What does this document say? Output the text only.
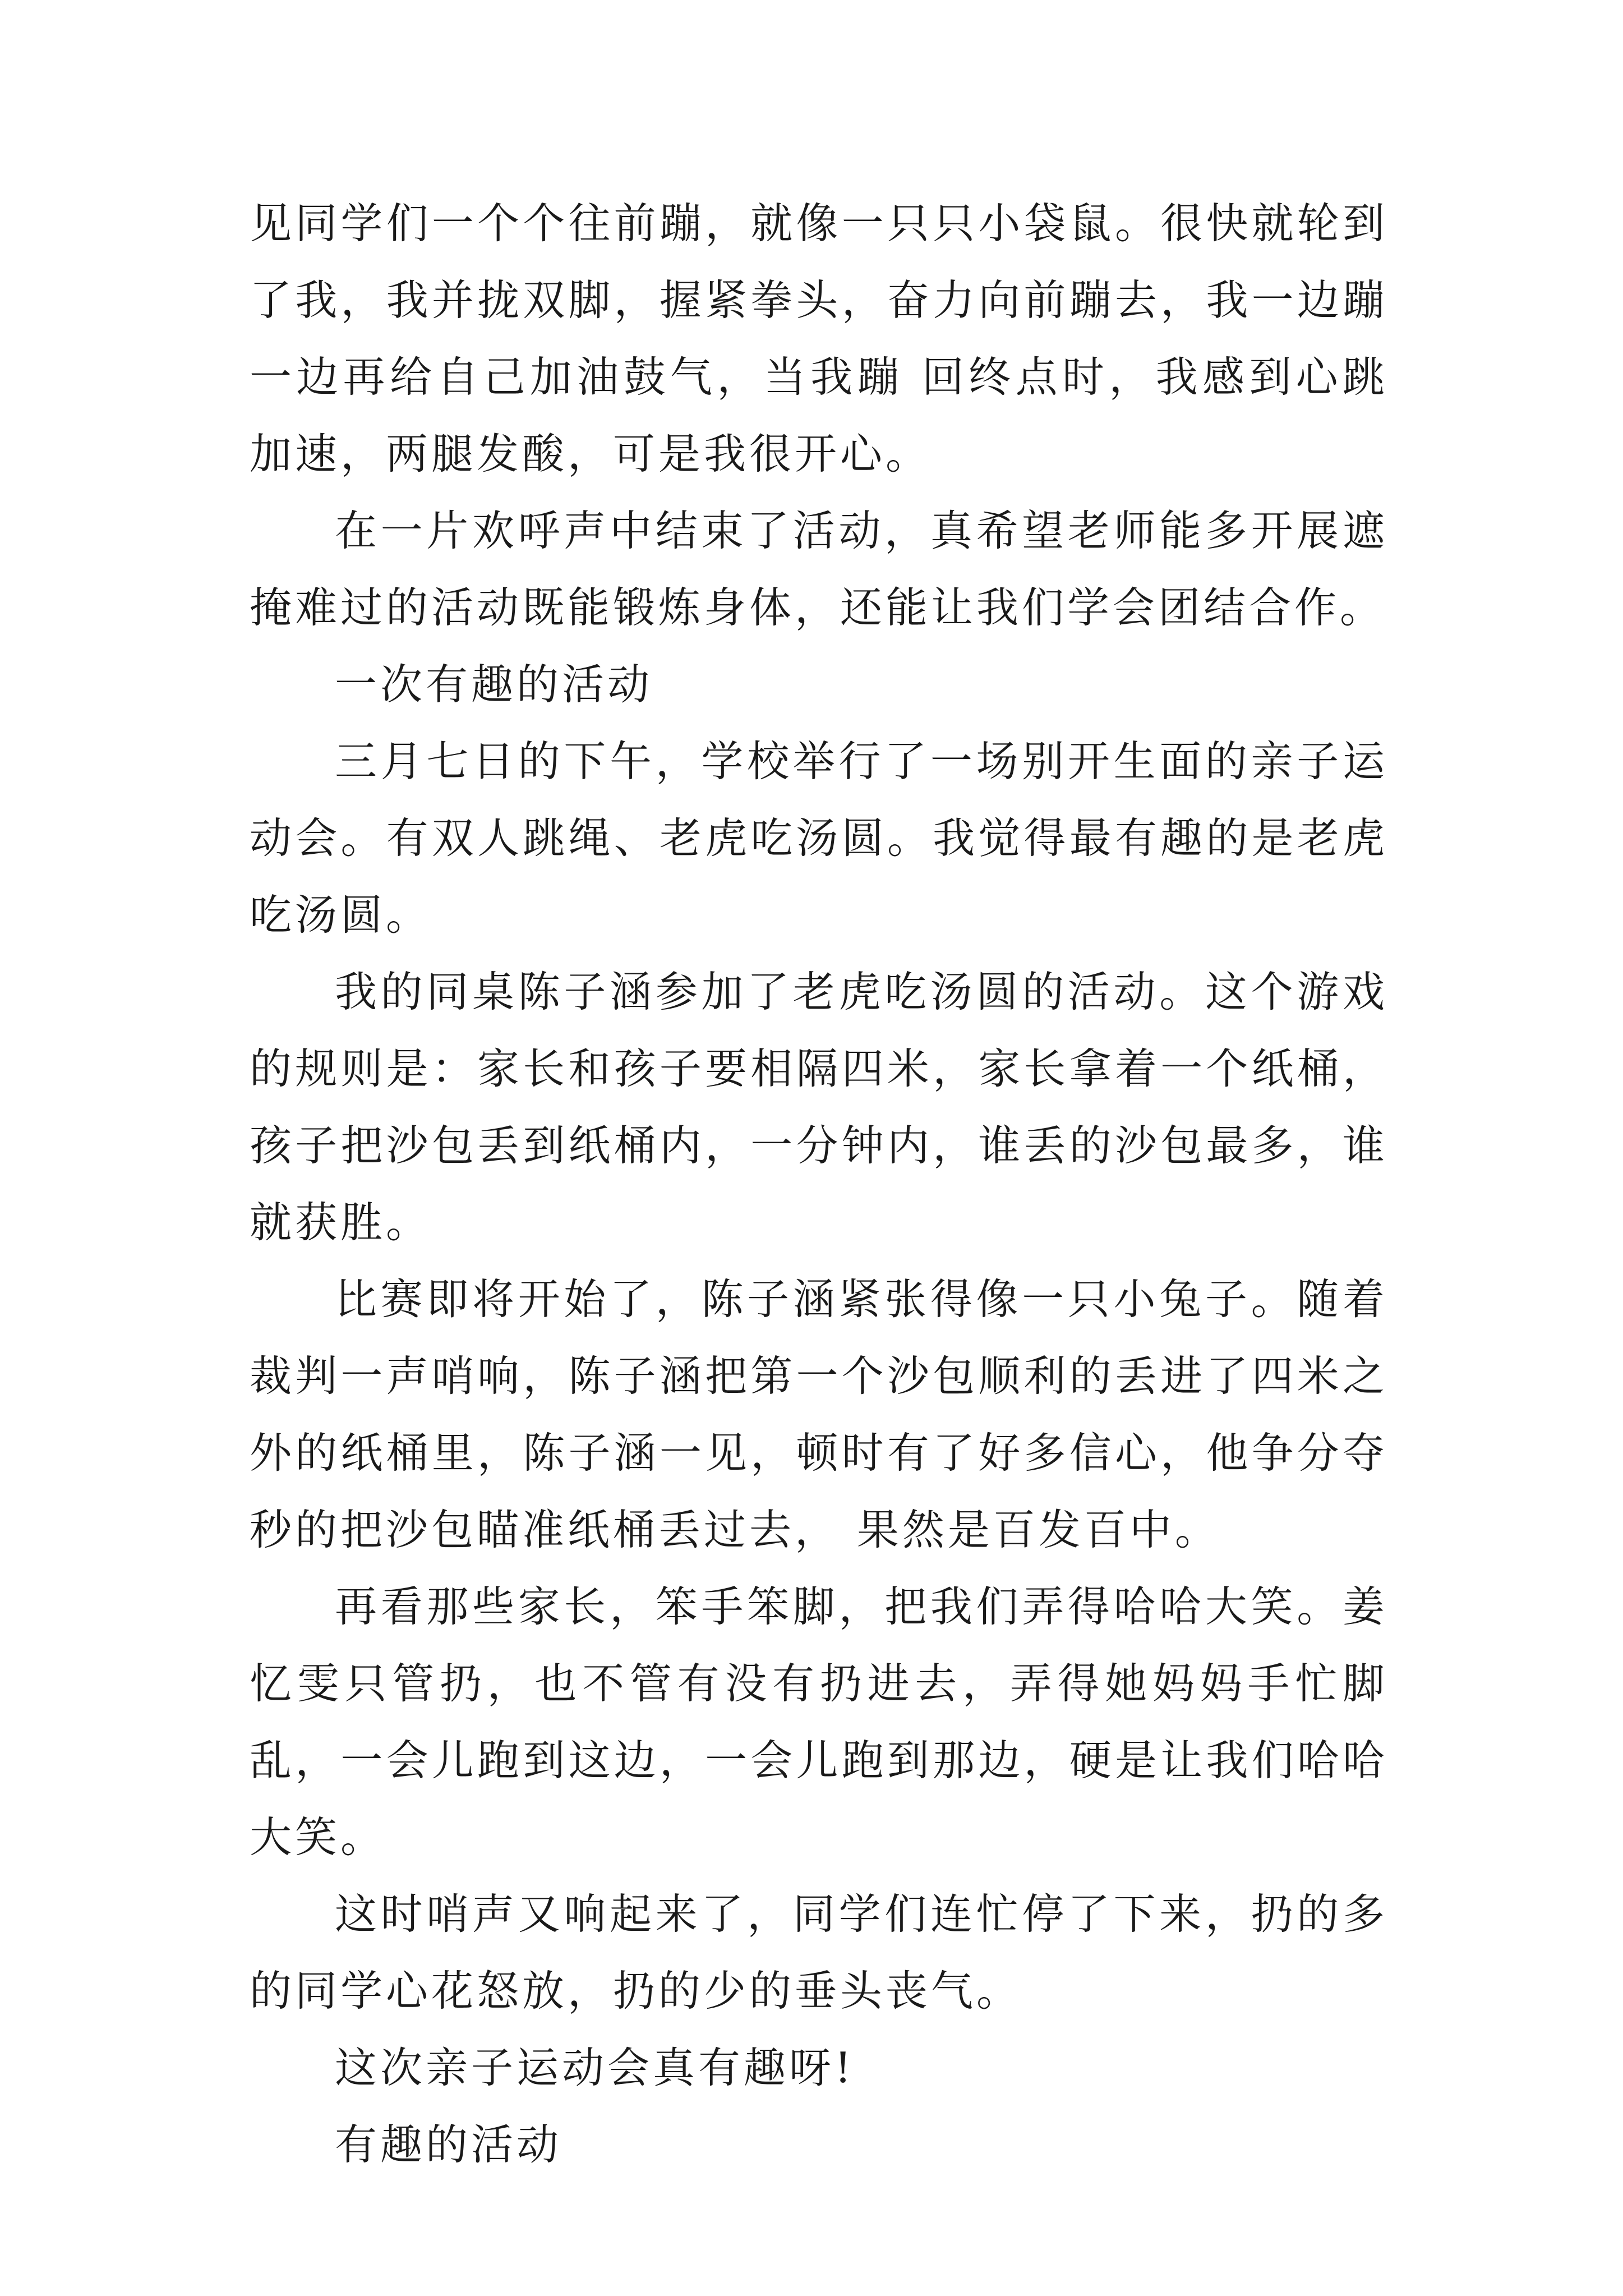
见同学们一个个往前蹦，就像一只只小袋鼠。很快就轮到了我，我并拢双脚，握紧拳头，奋力向前蹦去，我一边蹦一边再给自己加油鼓气，当我蹦 回终点时，我感到心跳加速，两腿发酸，可是我很开心。

在一片欢呼声中结束了活动，真希望老师能多开展遮掩难过的活动既能锻炼身体，还能让我们学会团结合作。

一次有趣的活动

三月七日的下午，学校举行了一场别开生面的亲子运动会。有双人跳绳、老虎吃汤圆。我觉得最有趣的是老虎吃汤圆。

我的同桌陈子涵参加了老虎吃汤圆的活动。这个游戏的规则是：家长和孩子要相隔四米，家长拿着一个纸桶，孩子把沙包丢到纸桶内，一分钟内，谁丢的沙包最多，谁就获胜。

比赛即将开始了，陈子涵紧张得像一只小兔子。随着裁判一声哨响，陈子涵把第一个沙包顺利的丢进了四米之外的纸桶里，陈子涵一见，顿时有了好多信心，他争分夺秒的把沙包瞄准纸桶丢过去， 果然是百发百中。

再看那些家长，笨手笨脚，把我们弄得哈哈大笑。姜忆雯只管扔，也不管有没有扔进去，弄得她妈妈手忙脚乱，一会儿跑到这边，一会儿跑到那边，硬是让我们哈哈大笑。

这时哨声又响起来了，同学们连忙停了下来，扔的多的同学心花怒放，扔的少的垂头丧气。

这次亲子运动会真有趣呀!

有趣的活动
